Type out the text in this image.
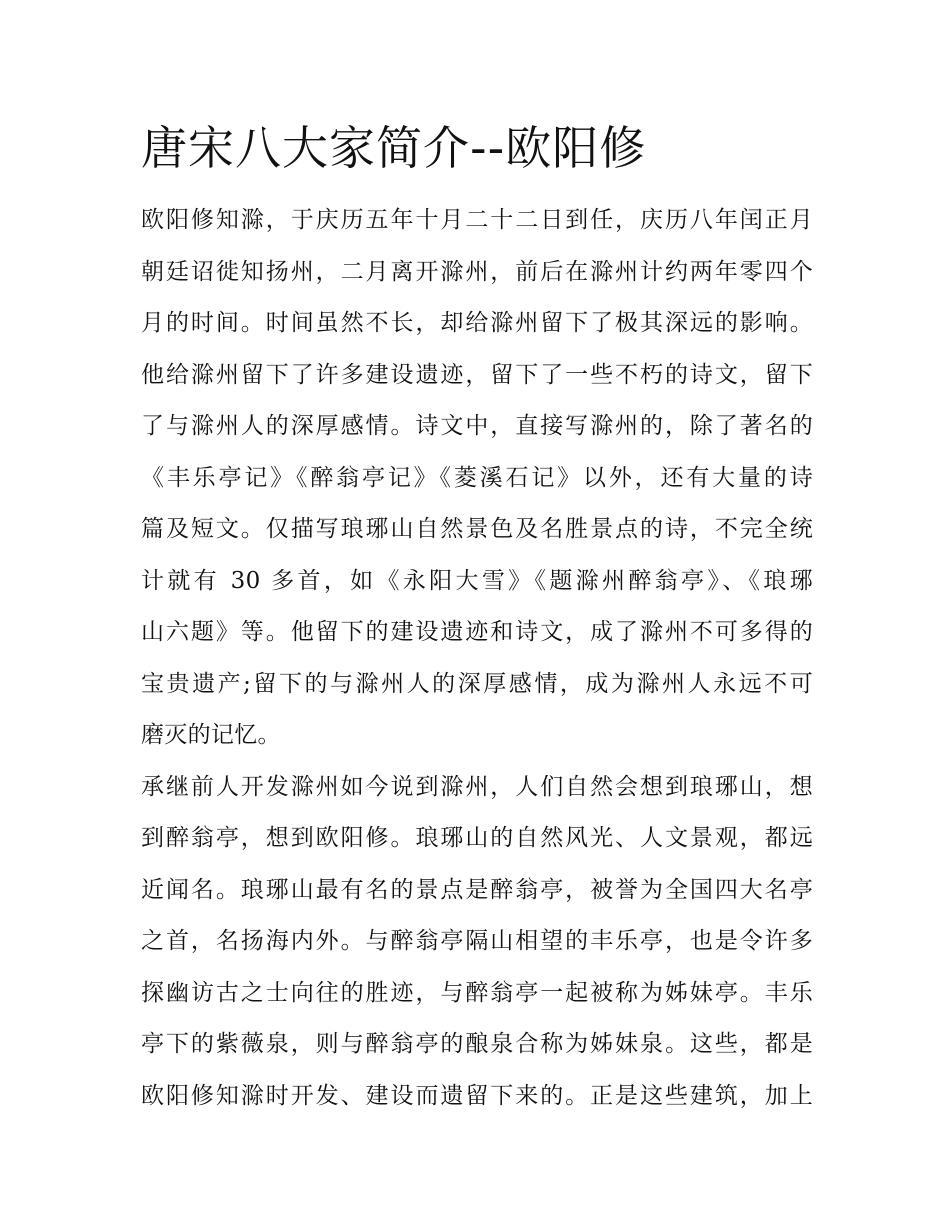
唐宋八大家简介--欧阳修

欧阳修知滁，于庆历五年十月二十二日到任，庆历八年闰正月
朝廷诏徙知扬州，二月离开滁州，前后在滁州计约两年零四个
月的时间。时间虽然不长，却给滁州留下了极其深远的影响。
他给滁州留下了许多建设遗迹，留下了一些不朽的诗文，留下
了与滁州人的深厚感情。诗文中，直接写滁州的，除了著名的
《丰乐亭记》《醉翁亭记》《菱溪石记》以外，还有大量的诗
篇及短文。仅描写琅琊山自然景色及名胜景点的诗，不完全统
计就有 30 多首，如《永阳大雪》《题滁州醉翁亭》、《琅琊
山六题》等。他留下的建设遗迹和诗文，成了滁州不可多得的
宝贵遗产;留下的与滁州人的深厚感情，成为滁州人永远不可
磨灭的记忆。

承继前人开发滁州如今说到滁州，人们自然会想到琅琊山，想
到醉翁亭，想到欧阳修。琅琊山的自然风光、人文景观，都远
近闻名。琅琊山最有名的景点是醉翁亭，被誉为全国四大名亭
之首，名扬海内外。与醉翁亭隔山相望的丰乐亭，也是令许多
探幽访古之士向往的胜迹，与醉翁亭一起被称为姊妹亭。丰乐
亭下的紫薇泉，则与醉翁亭的酿泉合称为姊妹泉。这些，都是
欧阳修知滁时开发、建设而遗留下来的。正是这些建筑，加上
